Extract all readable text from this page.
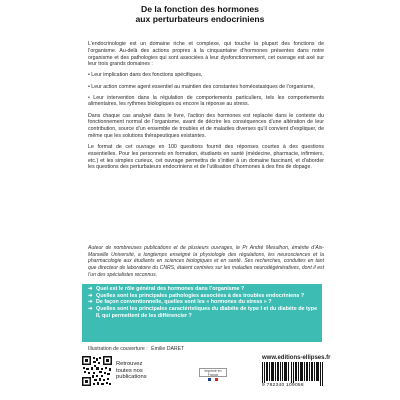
De la fonction des hormones
aux perturbateurs endocriniens

L’endocrinologie est un domaine riche et complexe, qui touche la plupart des fonctions de l’organisme. Au-delà des actions propres à la cinquantaine d’hormones présentes dans notre organisme et des pathologies qui sont associées à leur dysfonctionnement, cet ouvrage est axé sur leur trois grands domaines :

• Leur implication dans des fonctions spécifiques,

• Leur action comme agent essentiel au maintien des constantes homéostasiques de l’organisme,

• Leur intervention dans la régulation de comportements particuliers, tels les comportements alimentaires, les rythmes biologiques ou encore la réponse au stress.

Dans chaque cas analysé dans le livre, l’action des hormones est replacée dans le contexte du fonctionnement normal de l’organisme, avant de décrire les conséquences d’une altération de leur contribution, source d’un ensemble de troubles et de maladies diverses qu’il convient d’expliquer, de même que les solutions thérapeutiques existantes.

Le format de cet ouvrage en 100 questions fournit des réponses courtes à des questions essentielles. Pour les personnels en formation, étudiants en santé (médecine, pharmacie, infirmiers, etc.) et les simples curieux, cet ouvrage permettra de s’initier à un domaine fascinant, et d’aborder les questions des perturbateurs endocriniens et de l’utilisation d’hormones à des fins de dopage.

Auteur de nombreuses publications et de plusieurs ouvrages, le Pr André Mesulhon, émérite d’Aix-Marseille Université, a longtemps enseigné la physiologie des régulations, les neurosciences et la pharmacologie aux étudiants en sciences biologiques et en santé. Ses recherches, conduites en tant que directeur de laboratoire du CNRS, étaient centrées sur les maladies neurodégénératives, dont il est l’un des spécialistes reconnus.

➜ Quel est le rôle général des hormones dans l’organisme ?
➜ Quelles sont les principales pathologies associées à des troubles endocriniens ?
➜ De façon conventionnelle, quelles sont les « hormones du stress » ?
➜ Quelles sont les principales caractéristiques du diabète de type I et du diabète de type II, qui permettent de les différencier ?
Illustration de couverture : Émilie DARET
Retrouvez
toutes nos
publications
Imprimé en France
www.editions-ellipses.fr
9 782340 109058
